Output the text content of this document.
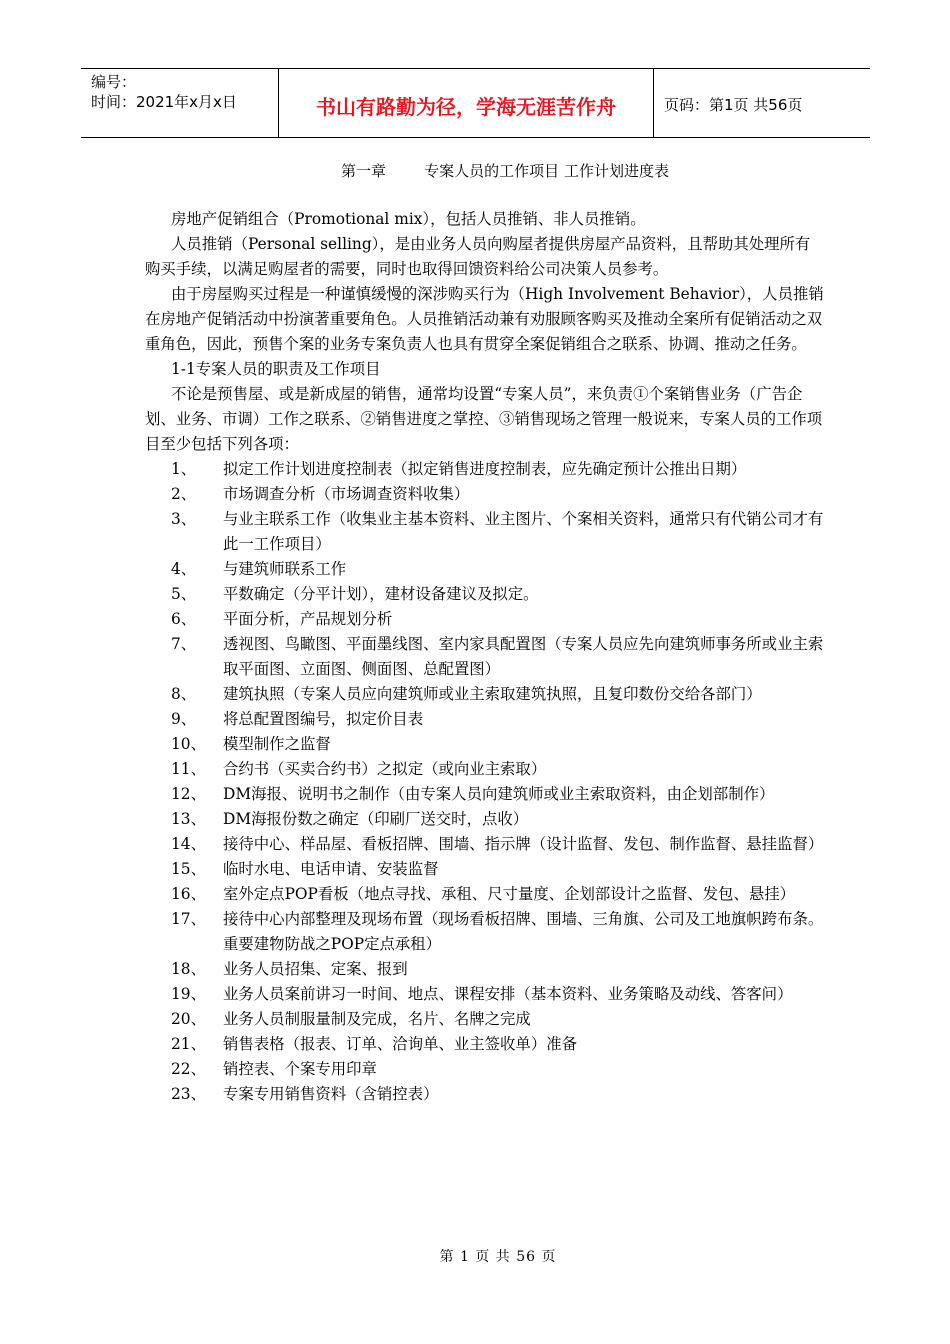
编号：
时间：2021年x月x日	书山有路勤为径，学海无涯苦作舟	页码：第1页 共56页
第一章        专案人员的工作项目 工作计划进度表

房地产促销组合（Promotional mix），包括人员推销、非人员推销。

人员推销（Personal selling），是由业务人员向购屋者提供房屋产品资料，且帮助其处理所有购买手续，以满足购屋者的需要，同时也取得回馈资料给公司决策人员参考。

由于房屋购买过程是一种谨慎缓慢的深涉购买行为（High Involvement Behavior），人员推销在房地产促销活动中扮演著重要角色。人员推销活动兼有劝服顾客购买及推动全案所有促销活动之双重角色，因此，预售个案的业务专案负责人也具有贯穿全案促销组合之联系、协调、推动之任务。

1-1专案人员的职责及工作项目

不论是预售屋、或是新成屋的销售，通常均设置“专案人员”，来负责①个案销售业务（广告企划、业务、市调）工作之联系、②销售进度之掌控、③销售现场之管理一般说来，专案人员的工作项目至少包括下列各项：

1、	拟定工作计划进度控制表（拟定销售进度控制表，应先确定预计公推出日期）
2、	市场调查分析（市场调查资料收集）
3、	与业主联系工作（收集业主基本资料、业主图片、个案相关资料，通常只有代销公司才有此一工作项目）
4、	与建筑师联系工作
5、	平数确定（分平计划），建材设备建议及拟定。
6、	平面分析，产品规划分析
7、	透视图、鸟瞰图、平面墨线图、室内家具配置图（专案人员应先向建筑师事务所或业主索取平面图、立面图、侧面图、总配置图）
8、	建筑执照（专案人员应向建筑师或业主索取建筑执照，且复印数份交给各部门）
9、	将总配置图编号，拟定价目表
10、	模型制作之监督
11、	合约书（买卖合约书）之拟定（或向业主索取）
12、	DM海报、说明书之制作（由专案人员向建筑师或业主索取资料，由企划部制作）
13、	DM海报份数之确定（印刷厂送交时，点收）
14、	接待中心、样品屋、看板招牌、围墙、指示牌（设计监督、发包、制作监督、悬挂监督）
15、	临时水电、电话申请、安装监督
16、	室外定点POP看板（地点寻找、承租、尺寸量度、企划部设计之监督、发包、悬挂）
17、	接待中心内部整理及现场布置（现场看板招牌、围墙、三角旗、公司及工地旗帜跨布条。重要建物防战之POP定点承租）
18、	业务人员招集、定案、报到
19、	业务人员案前讲习一时间、地点、课程安排（基本资料、业务策略及动线、答客问）
20、	业务人员制服量制及完成，名片、名牌之完成
21、	销售表格（报表、订单、洽询单、业主签收单）准备
22、	销控表、个案专用印章
23、	专案专用销售资料（含销控表）
第 1 页 共 56 页
